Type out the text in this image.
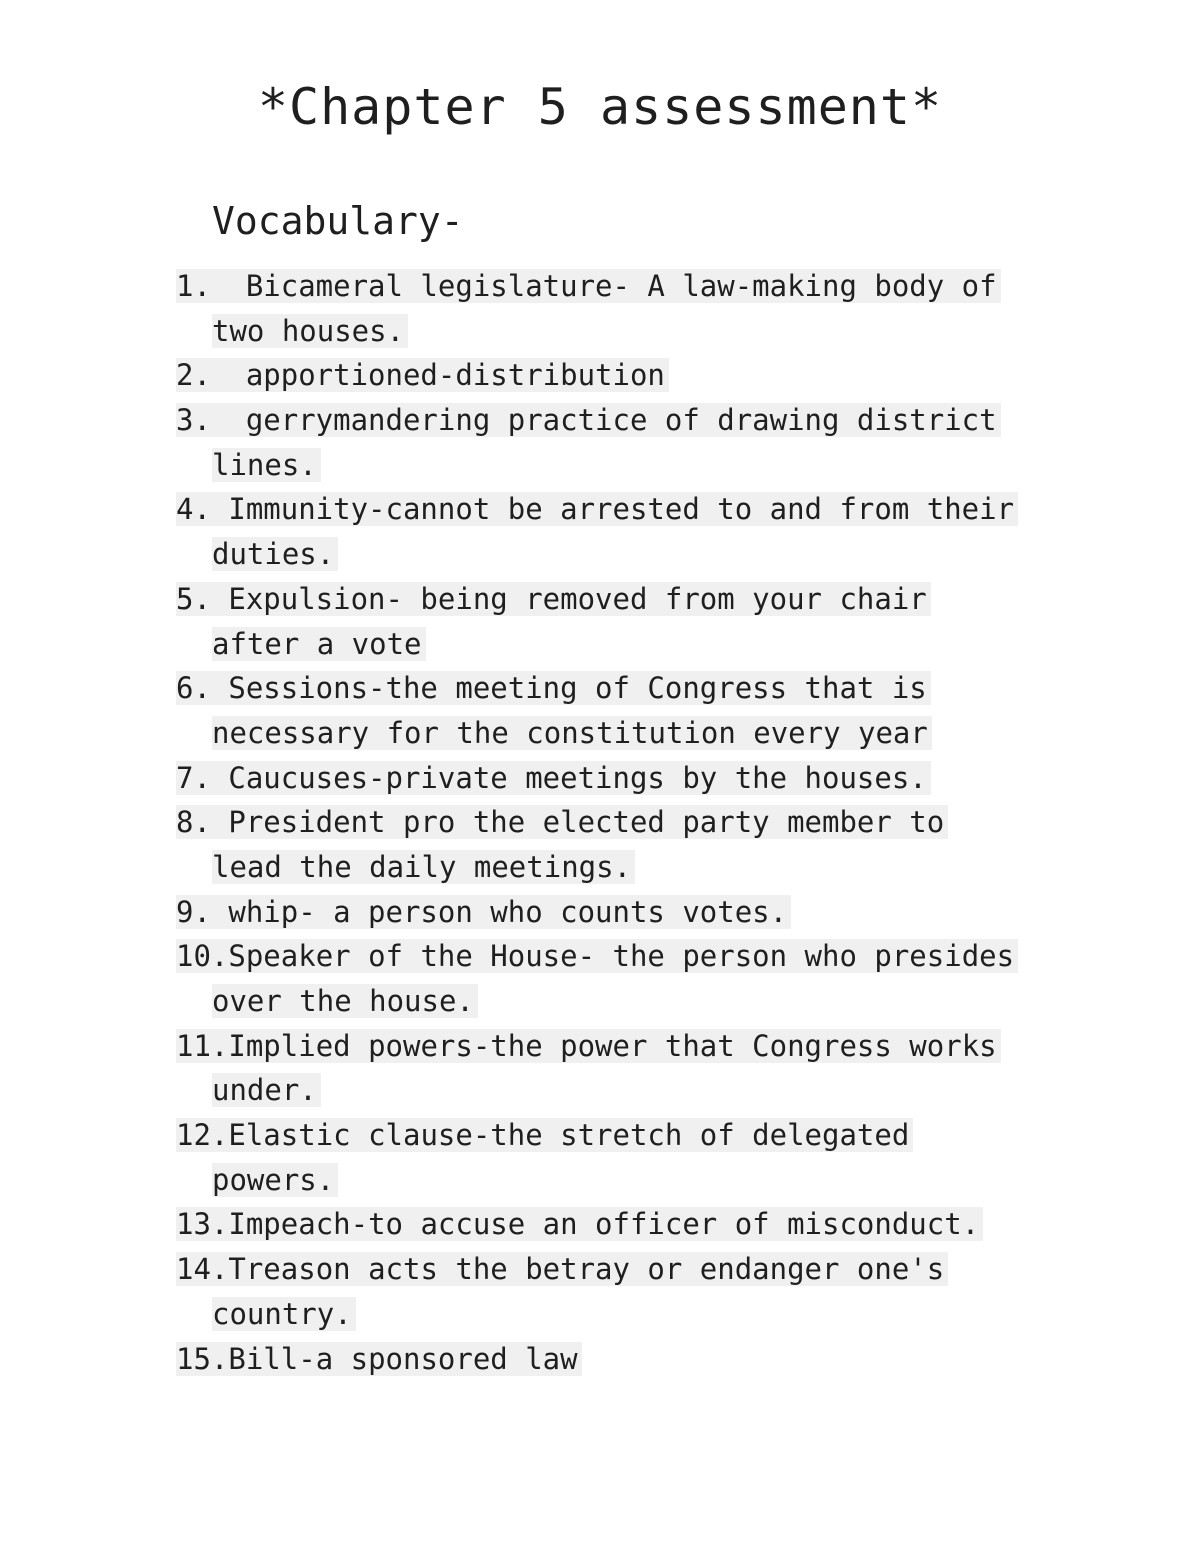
*Chapter 5 assessment*
Vocabulary-
1.  Bicameral legislature- A law-making body of
two houses.
2.  apportioned-distribution
3.  gerrymandering practice of drawing district
lines.
4. Immunity-cannot be arrested to and from their
duties.
5. Expulsion- being removed from your chair
after a vote
6. Sessions-the meeting of Congress that is
necessary for the constitution every year
7. Caucuses-private meetings by the houses.
8. President pro the elected party member to
lead the daily meetings.
9. whip- a person who counts votes.
10.Speaker of the House- the person who presides
over the house.
11.Implied powers-the power that Congress works
under.
12.Elastic clause-the stretch of delegated
powers.
13.Impeach-to accuse an officer of misconduct.
14.Treason acts the betray or endanger one's
country.
15.Bill-a sponsored law
